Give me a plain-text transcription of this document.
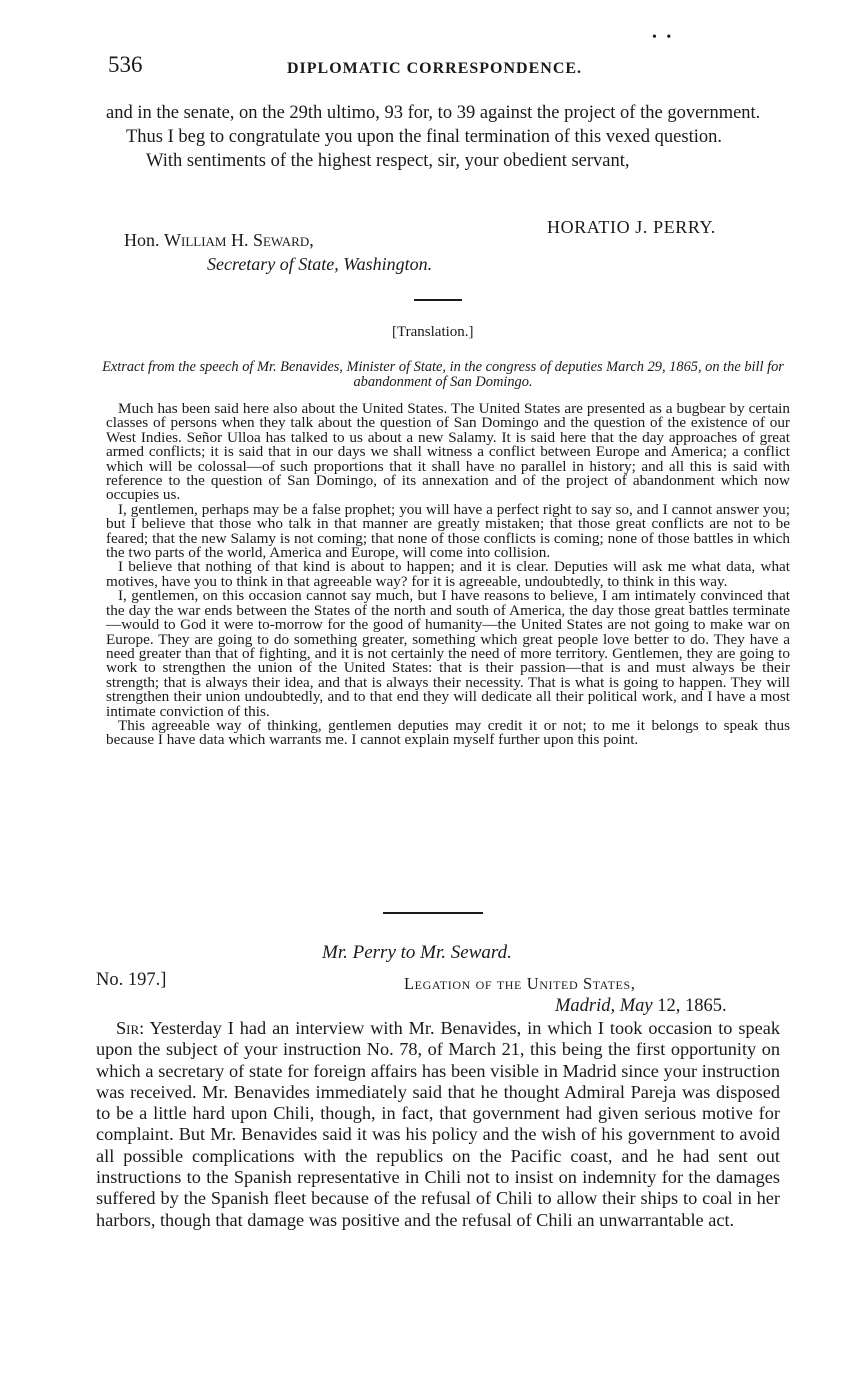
536	DIPLOMATIC CORRESPONDENCE.
• •

and in the senate, on the 29th ultimo, 93 for, to 39 against the project of the government.

Thus I beg to congratulate you upon the final termination of this vexed question.

With sentiments of the highest respect, sir, your obedient servant,

HORATIO J. PERRY.
Hon. William H. Seward,
Secretary of State, Washington.
[Translation.]
Extract from the speech of Mr. Benavides, Minister of State, in the congress of deputies March 29, 1865, on the bill for abandonment of San Domingo.

Much has been said here also about the United States. The United States are presented as a bugbear by certain classes of persons when they talk about the question of San Domingo and the question of the existence of our West Indies. Señor Ulloa has talked to us about a new Salamy. It is said here that the day approaches of great armed conflicts; it is said that in our days we shall witness a conflict between Europe and America; a conflict which will be colossal—of such proportions that it shall have no parallel in history; and all this is said with reference to the question of San Domingo, of its annexation and of the project of abandonment which now occupies us.

I, gentlemen, perhaps may be a false prophet; you will have a perfect right to say so, and I cannot answer you; but I believe that those who talk in that manner are greatly mistaken; that those great conflicts are not to be feared; that the new Salamy is not coming; that none of those conflicts is coming; none of those battles in which the two parts of the world, America and Europe, will come into collision.

I believe that nothing of that kind is about to happen; and it is clear. Deputies will ask me what data, what motives, have you to think in that agreeable way? for it is agreeable, undoubtedly, to think in this way.

I, gentlemen, on this occasion cannot say much, but I have reasons to believe, I am intimately convinced that the day the war ends between the States of the north and south of America, the day those great battles terminate—would to God it were to-morrow for the good of humanity—the United States are not going to make war on Europe. They are going to do something greater, something which great people love better to do. They have a need greater than that of fighting, and it is not certainly the need of more territory. Gentlemen, they are going to work to strengthen the union of the United States: that is their passion—that is and must always be their strength; that is always their idea, and that is always their necessity. That is what is going to happen. They will strengthen their union undoubtedly, and to that end they will dedicate all their political work, and I have a most intimate conviction of this.

This agreeable way of thinking, gentlemen deputies may credit it or not; to me it belongs to speak thus because I have data which warrants me. I cannot explain myself further upon this point.

Mr. Perry to Mr. Seward.
No. 197.]	Legation of the United States,
Madrid, May 12, 1865.
Sir: Yesterday I had an interview with Mr. Benavides, in which I took occasion to speak upon the subject of your instruction No. 78, of March 21, this being the first opportunity on which a secretary of state for foreign affairs has been visible in Madrid since your instruction was received. Mr. Benavides immediately said that he thought Admiral Pareja was disposed to be a little hard upon Chili, though, in fact, that government had given serious motive for complaint. But Mr. Benavides said it was his policy and the wish of his government to avoid all possible complications with the republics on the Pacific coast, and he had sent out instructions to the Spanish representative in Chili not to insist on indemnity for the damages suffered by the Spanish fleet because of the refusal of Chili to allow their ships to coal in her harbors, though that damage was positive and the refusal of Chili an unwarrantable act.
